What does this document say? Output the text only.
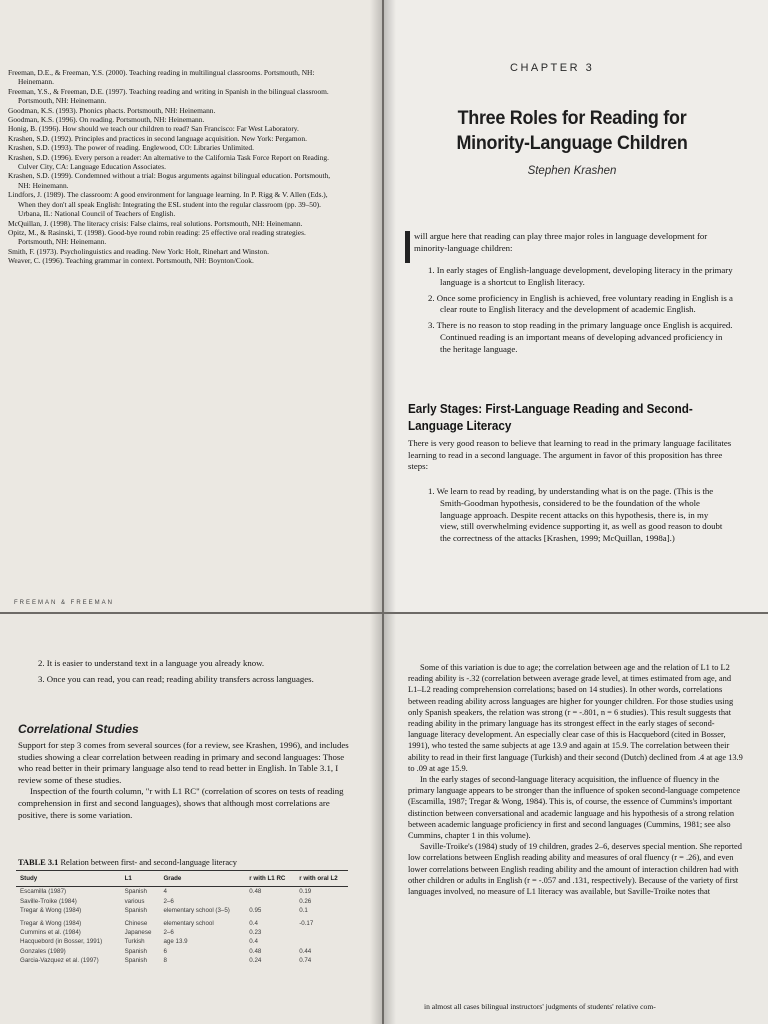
Freeman, D.E., & Freeman, Y.S. (2000). Teaching reading in multilingual classrooms. Portsmouth, NH: Heinemann.
Freeman, Y.S., & Freeman, D.E. (1997). Teaching reading and writing in Spanish in the bilingual classroom. Portsmouth, NH: Heinemann.
Goodman, K.S. (1993). Phonics phacts. Portsmouth, NH: Heinemann.
Goodman, K.S. (1996). On reading. Portsmouth, NH: Heinemann.
Honig, B. (1996). How should we teach our children to read? San Francisco: Far West Laboratory.
Krashen, S.D. (1992). Principles and practices in second language acquisition. New York: Pergamon.
Krashen, S.D. (1993). The power of reading. Englewood, CO: Libraries Unlimited.
Krashen, S.D. (1996). Every person a reader: An alternative to the California Task Force Report on Reading. Culver City, CA: Language Education Associates.
Krashen, S.D. (1999). Condemned without a trial: Bogus arguments against bilingual education. Portsmouth, NH: Heinemann.
Lindfors, J. (1989). The classroom: A good environment for language learning. In P. Rigg & V. Allen (Eds.), When they don't all speak English: Integrating the ESL student into the regular classroom (pp. 39–50). Urbana, IL: National Council of Teachers of English.
McQuillan, J. (1998). The literacy crisis: False claims, real solutions. Portsmouth, NH: Heinemann.
Opitz, M., & Rasinski, T. (1998). Good-bye round robin reading: 25 effective oral reading strategies. Portsmouth, NH: Heinemann.
Smith, F. (1973). Psycholinguistics and reading. New York: Holt, Rinehart and Winston.
Weaver, C. (1996). Teaching grammar in context. Portsmouth, NH: Boynton/Cook.
FREEMAN & FREEMAN
CHAPTER 3
Three Roles for Reading for Minority-Language Children
Stephen Krashen
will argue here that reading can play three major roles in language development for minority-language children:
1. In early stages of English-language development, developing literacy in the primary language is a shortcut to English literacy.
2. Once some proficiency in English is achieved, free voluntary reading in English is a clear route to English literacy and the development of academic English.
3. There is no reason to stop reading in the primary language once English is acquired. Continued reading is an important means of developing advanced proficiency in the heritage language.
Early Stages: First-Language Reading and Second-Language Literacy
There is very good reason to believe that learning to read in the primary language facilitates learning to read in a second language. The argument in favor of this proposition has three steps:
1. We learn to read by reading, by understanding what is on the page. (This is the Smith-Goodman hypothesis, considered to be the foundation of the whole language approach. Despite recent attacks on this hypothesis, there is, in my view, still overwhelming evidence supporting it, as well as good reason to doubt the correctness of the attacks [Krashen, 1999; McQuillan, 1998a].)
2. It is easier to understand text in a language you already know.
3. Once you can read, you can read; reading ability transfers across languages.
Correlational Studies
Support for step 3 comes from several sources (for a review, see Krashen, 1996), and includes studies showing a clear correlation between reading in primary and second languages: Those who read better in their primary language also tend to read better in English. In Table 3.1, I review some of these studies.
Inspection of the fourth column, "r with L1 RC" (correlation of scores on tests of reading comprehension in first and second languages), shows that although most correlations are positive, there is some variation.
TABLE 3.1 Relation between first- and second-language literacy
Study	L1	Grade	r with L1 RC	r with oral L2
Escamilla (1987)	Spanish	4	0.48	0.19
Saville-Troike (1984)	various	2–6		0.26
Tregar & Wong (1984)	Spanish	elementary school (3–5)	0.95	0.1
Tregar & Wong (1984)	Chinese	elementary school	0.4	-0.17
Cummins et al. (1984)	Japanese	2–6	0.23	
Hacquebord (in Bosser, 1991)	Turkish	age 13.9	0.4	
Gonzales (1989)	Spanish	6	0.48	0.44
Garcia-Vazquez et al. (1997)	Spanish	8	0.24	0.74
Some of this variation is due to age; the correlation between age and the relation of L1 to L2 reading ability is -.32 (correlation between average grade level, at times estimated from age, and L1–L2 reading comprehension correlations; based on 14 studies). In other words, correlations between reading ability across languages are higher for younger children. For those studies using only Spanish speakers, the relation was strong (r = -.801, n = 6 studies). This result suggests that reading ability in the primary language has its strongest effect in the early stages of second-language literacy development. An especially clear case of this is Hacquebord (cited in Bosser, 1991), who tested the same subjects at age 13.9 and again at 15.9. The correlation between their ability to read in their first language (Turkish) and their second (Dutch) declined from .4 at age 13.9 to .09 at age 15.9.
In the early stages of second-language literacy acquisition, the influence of fluency in the primary language appears to be stronger than the influence of spoken second-language competence (Escamilla, 1987; Tregar & Wong, 1984). This is, of course, the essence of Cummins's important distinction between conversational and academic language and his hypothesis of a strong relation between academic language proficiency in first and second languages (Cummins, 1981; see also Cummins, chapter 1 in this volume).
Saville-Troike's (1984) study of 19 children, grades 2–6, deserves special mention. She reported low correlations between English reading ability and measures of oral fluency (r = .26), and even lower correlations between English reading ability and the amount of interaction children had with other children or adults in English (r = -.057 and .131, respectively). Because of the variety of first languages involved, no measure of L1 literacy was available, but Saville-Troike notes that
in almost all cases bilingual instructors' judgments of students' relative com-
